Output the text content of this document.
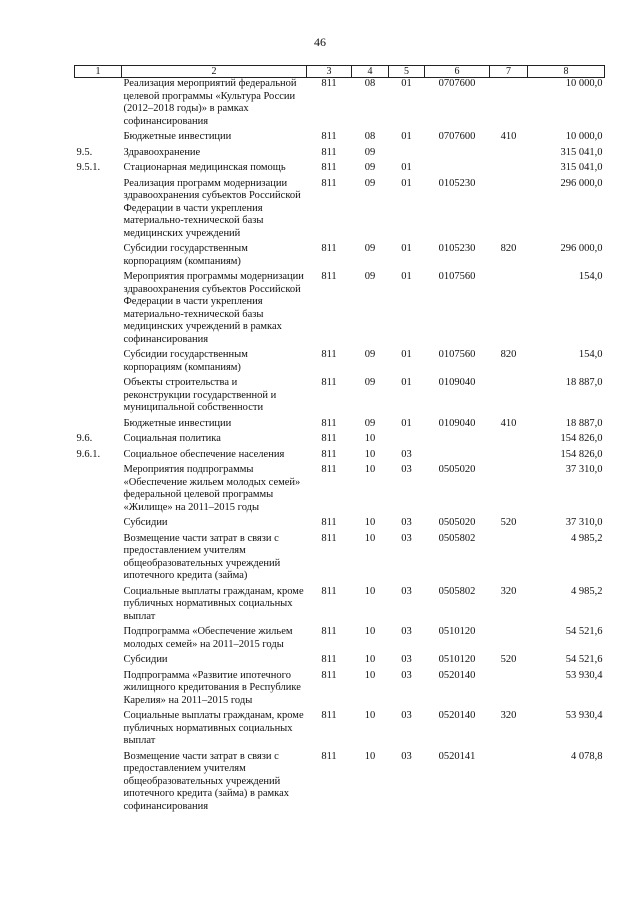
46
1	2	3	4	5	6	7	8
	Реализация мероприятий федеральной целевой программы «Культура России (2012–2018 годы)» в рамках софинансирования	811	08	01	0707600		10 000,0
	Бюджетные инвестиции	811	08	01	0707600	410	10 000,0
9.5.	Здравоохранение	811	09				315 041,0
9.5.1.	Стационарная медицинская помощь	811	09	01			315 041,0
	Реализация программ модернизации здравоохранения субъектов Российской Федерации в части укрепления материально-технической базы медицинских учреждений	811	09	01	0105230		296 000,0
	Субсидии государственным корпорациям (компаниям)	811	09	01	0105230	820	296 000,0
	Мероприятия программы модернизации здравоохранения субъектов Российской Федерации в части укрепления материально-технической базы медицинских учреждений в рамках софинансирования	811	09	01	0107560		154,0
	Субсидии государственным корпорациям (компаниям)	811	09	01	0107560	820	154,0
	Объекты строительства и реконструкции государственной и муниципальной собственности	811	09	01	0109040		18 887,0
	Бюджетные инвестиции	811	09	01	0109040	410	18 887,0
9.6.	Социальная политика	811	10				154 826,0
9.6.1.	Социальное обеспечение населения	811	10	03			154 826,0
	Мероприятия подпрограммы «Обеспечение жильем молодых семей» федеральной целевой программы «Жилище» на 2011–2015 годы	811	10	03	0505020		37 310,0
	Субсидии	811	10	03	0505020	520	37 310,0
	Возмещение части затрат в связи с предоставлением учителям общеобразовательных учреждений ипотечного кредита (займа)	811	10	03	0505802		4 985,2
	Социальные выплаты гражданам, кроме публичных нормативных социальных выплат	811	10	03	0505802	320	4 985,2
	Подпрограмма «Обеспечение жильем молодых семей» на 2011–2015 годы	811	10	03	0510120		54 521,6
	Субсидии	811	10	03	0510120	520	54 521,6
	Подпрограмма «Развитие ипотечного жилищного кредитования в Республике Карелия» на 2011–2015 годы	811	10	03	0520140		53 930,4
	Социальные выплаты гражданам, кроме публичных нормативных социальных выплат	811	10	03	0520140	320	53 930,4
	Возмещение части затрат в связи с предоставлением учителям общеобразовательных учреждений ипотечного кредита (займа) в рамках софинансирования	811	10	03	0520141		4 078,8
